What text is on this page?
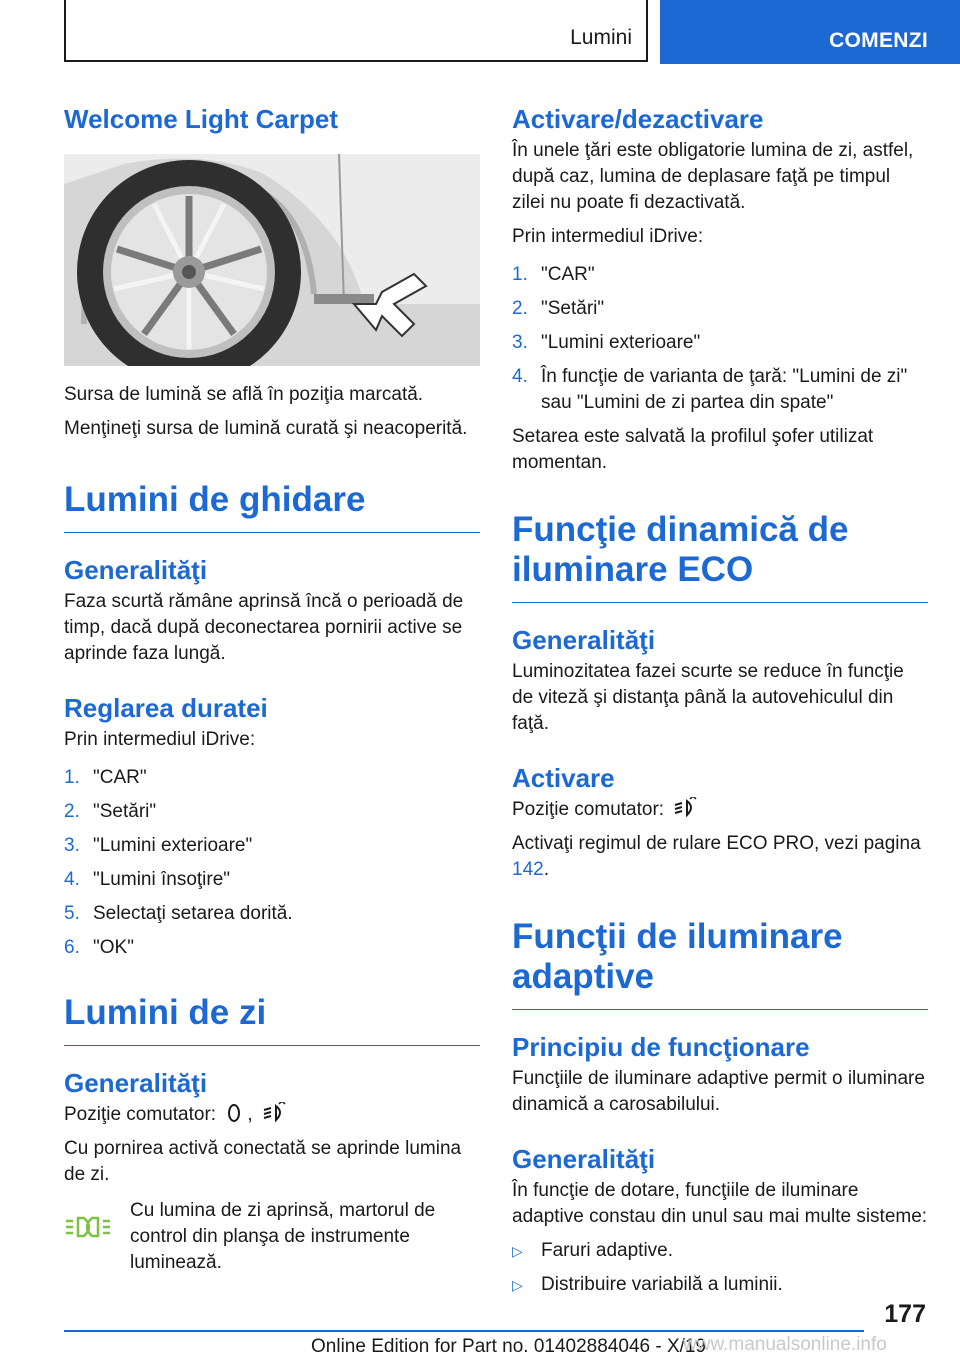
Lumini	COMENZI
Welcome Light Carpet

Sursa de lumină se află în poziţia marcată.

Menţineţi sursa de lumină curată şi neacoperită.

Lumini de ghidare
Generalităţi

Faza scurtă rămâne aprinsă încă o perioadă de timp, dacă după deconectarea pornirii active se aprinde faza lungă.

Reglarea duratei

Prin intermediul iDrive:

1. "CAR"
2. "Setări"
3. "Lumini exterioare"
4. "Lumini însoţire"
5. Selectaţi setarea dorită.
6. "OK"
Lumini de zi
Generalităţi

Poziţie comutator: ,

Cu pornirea activă conectată se aprinde lumina de zi.

Cu lumina de zi aprinsă, martorul de control din planşa de instrumente luminează.

Activare/dezactivare

În unele ţări este obligatorie lumina de zi, astfel, după caz, lumina de deplasare faţă pe timpul zilei nu poate fi dezactivată.

Prin intermediul iDrive:

1. "CAR"
2. "Setări"
3. "Lumini exterioare"
4. În funcţie de varianta de ţară: "Lumini de zi" sau "Lumini de zi partea din spate"

Setarea este salvată la profilul şofer utilizat momentan.

Funcţie dinamică de iluminare ECO
Generalităţi

Luminozitatea fazei scurte se reduce în funcţie de viteză şi distanţa până la autovehiculul din faţă.

Activare

Poziţie comutator:

Activaţi regimul de rulare ECO PRO, vezi pagina 142.

Funcţii de iluminare adaptive
Principiu de funcţionare

Funcţiile de iluminare adaptive permit o iluminare dinamică a carosabilului.

Generalităţi

În funcţie de dotare, funcţiile de iluminare adaptive constau din unul sau mai multe sisteme:

▷ Faruri adaptive.
▷ Distribuire variabilă a luminii.
177
Online Edition for Part no. 01402884046 - X/19
www.manualsonline.info
